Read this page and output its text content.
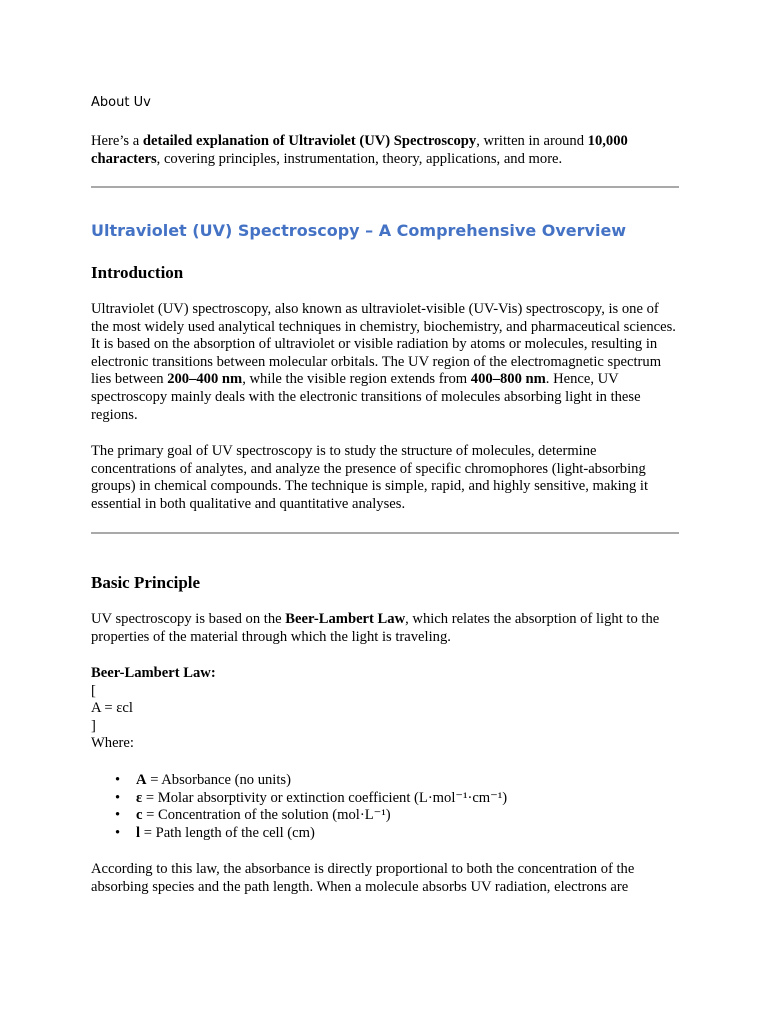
About Uv

Here’s a detailed explanation of Ultraviolet (UV) Spectroscopy, written in around 10,000 characters, covering principles, instrumentation, theory, applications, and more.

Ultraviolet (UV) Spectroscopy – A Comprehensive Overview
Introduction

Ultraviolet (UV) spectroscopy, also known as ultraviolet-visible (UV-Vis) spectroscopy, is one of the most widely used analytical techniques in chemistry, biochemistry, and pharmaceutical sciences. It is based on the absorption of ultraviolet or visible radiation by atoms or molecules, resulting in electronic transitions between molecular orbitals. The UV region of the electromagnetic spectrum lies between 200–400 nm, while the visible region extends from 400–800 nm. Hence, UV spectroscopy mainly deals with the electronic transitions of molecules absorbing light in these regions.

The primary goal of UV spectroscopy is to study the structure of molecules, determine concentrations of analytes, and analyze the presence of specific chromophores (light-absorbing groups) in chemical compounds. The technique is simple, rapid, and highly sensitive, making it essential in both qualitative and quantitative analyses.

Basic Principle

UV spectroscopy is based on the Beer-Lambert Law, which relates the absorption of light to the properties of the material through which the light is traveling.

Beer-Lambert Law:
[
A = εcl
]
Where:
• A = Absorbance (no units)
• ε = Molar absorptivity or extinction coefficient (L·mol⁻¹·cm⁻¹)
• c = Concentration of the solution (mol·L⁻¹)
• l = Path length of the cell (cm)

According to this law, the absorbance is directly proportional to both the concentration of the absorbing species and the path length. When a molecule absorbs UV radiation, electrons are
